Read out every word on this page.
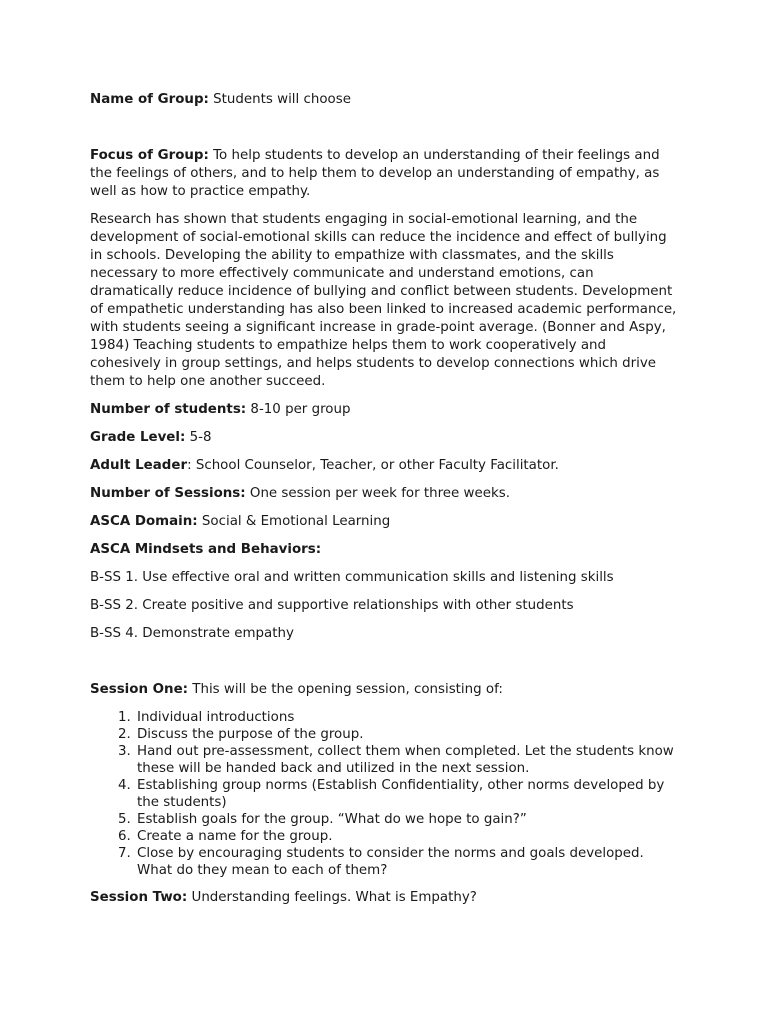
Name of Group: Students will choose

Focus of Group: To help students to develop an understanding of their feelings and the feelings of others, and to help them to develop an understanding of empathy, as well as how to practice empathy.

Research has shown that students engaging in social-emotional learning, and the development of social-emotional skills can reduce the incidence and effect of bullying in schools. Developing the ability to empathize with classmates, and the skills necessary to more effectively communicate and understand emotions, can dramatically reduce incidence of bullying and conflict between students. Development of empathetic understanding has also been linked to increased academic performance, with students seeing a significant increase in grade-point average. (Bonner and Aspy, 1984) Teaching students to empathize helps them to work cooperatively and cohesively in group settings, and helps students to develop connections which drive them to help one another succeed.

Number of students: 8-10 per group

Grade Level: 5-8

Adult Leader: School Counselor, Teacher, or other Faculty Facilitator.

Number of Sessions: One session per week for three weeks.

ASCA Domain: Social & Emotional Learning

ASCA Mindsets and Behaviors:

B-SS 1. Use effective oral and written communication skills and listening skills

B-SS 2. Create positive and supportive relationships with other students

B-SS 4. Demonstrate empathy

Session One: This will be the opening session, consisting of:

1. Individual introductions
2. Discuss the purpose of the group.
3. Hand out pre-assessment, collect them when completed. Let the students know these will be handed back and utilized in the next session.
4. Establishing group norms (Establish Confidentiality, other norms developed by the students)
5. Establish goals for the group. “What do we hope to gain?”
6. Create a name for the group.
7. Close by encouraging students to consider the norms and goals developed. What do they mean to each of them?

Session Two: Understanding feelings. What is Empathy?
